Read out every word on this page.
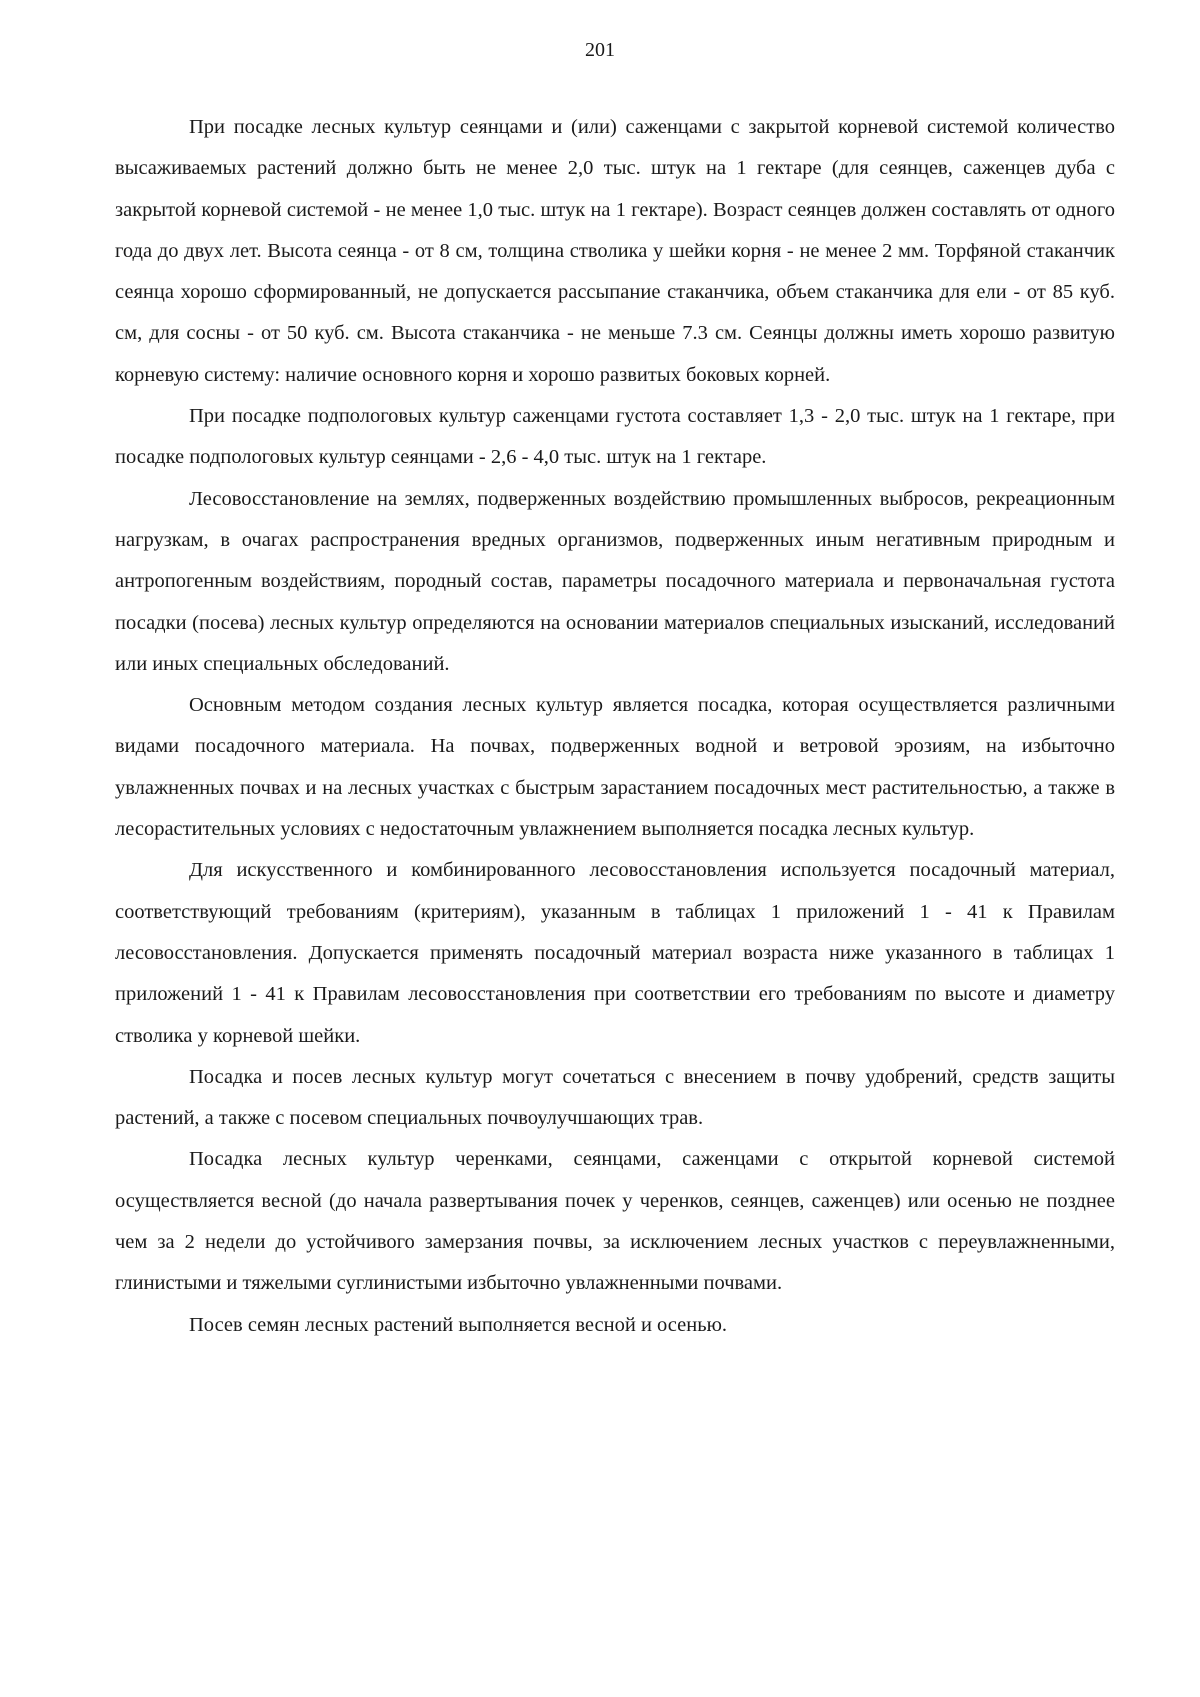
201

При посадке лесных культур сеянцами и (или) саженцами с закрытой корневой системой количество высаживаемых растений должно быть не менее 2,0 тыс. штук на 1 гектаре (для сеянцев, саженцев дуба с закрытой корневой системой - не менее 1,0 тыс. штук на 1 гектаре). Возраст сеянцев должен составлять от одного года до двух лет. Высота сеянца - от 8 см, толщина стволика у шейки корня - не менее 2 мм. Торфяной стаканчик сеянца хорошо сформированный, не допускается рассыпание стаканчика, объем стаканчика для ели - от 85 куб. см, для сосны - от 50 куб. см. Высота стаканчика - не меньше 7.3 см. Сеянцы должны иметь хорошо развитую корневую систему: наличие основного корня и хорошо развитых боковых корней.

При посадке подпологовых культур саженцами густота составляет 1,3 - 2,0 тыс. штук на 1 гектаре, при посадке подпологовых культур сеянцами - 2,6 - 4,0 тыс. штук на 1 гектаре.

Лесовосстановление на землях, подверженных воздействию промышленных выбросов, рекреационным нагрузкам, в очагах распространения вредных организмов, подверженных иным негативным природным и антропогенным воздействиям, породный состав, параметры посадочного материала и первоначальная густота посадки (посева) лесных культур определяются на основании материалов специальных изысканий, исследований или иных специальных обследований.

Основным методом создания лесных культур является посадка, которая осуществляется различными видами посадочного материала. На почвах, подверженных водной и ветровой эрозиям, на избыточно увлажненных почвах и на лесных участках с быстрым зарастанием посадочных мест растительностью, а также в лесорастительных условиях с недостаточным увлажнением выполняется посадка лесных культур.

Для искусственного и комбинированного лесовосстановления используется посадочный материал, соответствующий требованиям (критериям), указанным в таблицах 1 приложений 1 - 41 к Правилам лесовосстановления. Допускается применять посадочный материал возраста ниже указанного в таблицах 1 приложений 1 - 41 к Правилам лесовосстановления при соответствии его требованиям по высоте и диаметру стволика у корневой шейки.

Посадка и посев лесных культур могут сочетаться с внесением в почву удобрений, средств защиты растений, а также с посевом специальных почвоулучшающих трав.

Посадка лесных культур черенками, сеянцами, саженцами с открытой корневой системой осуществляется весной (до начала развертывания почек у черенков, сеянцев, саженцев) или осенью не позднее чем за 2 недели до устойчивого замерзания почвы, за исключением лесных участков с переувлажненными, глинистыми и тяжелыми суглинистыми избыточно увлажненными почвами.

Посев семян лесных растений выполняется весной и осенью.
